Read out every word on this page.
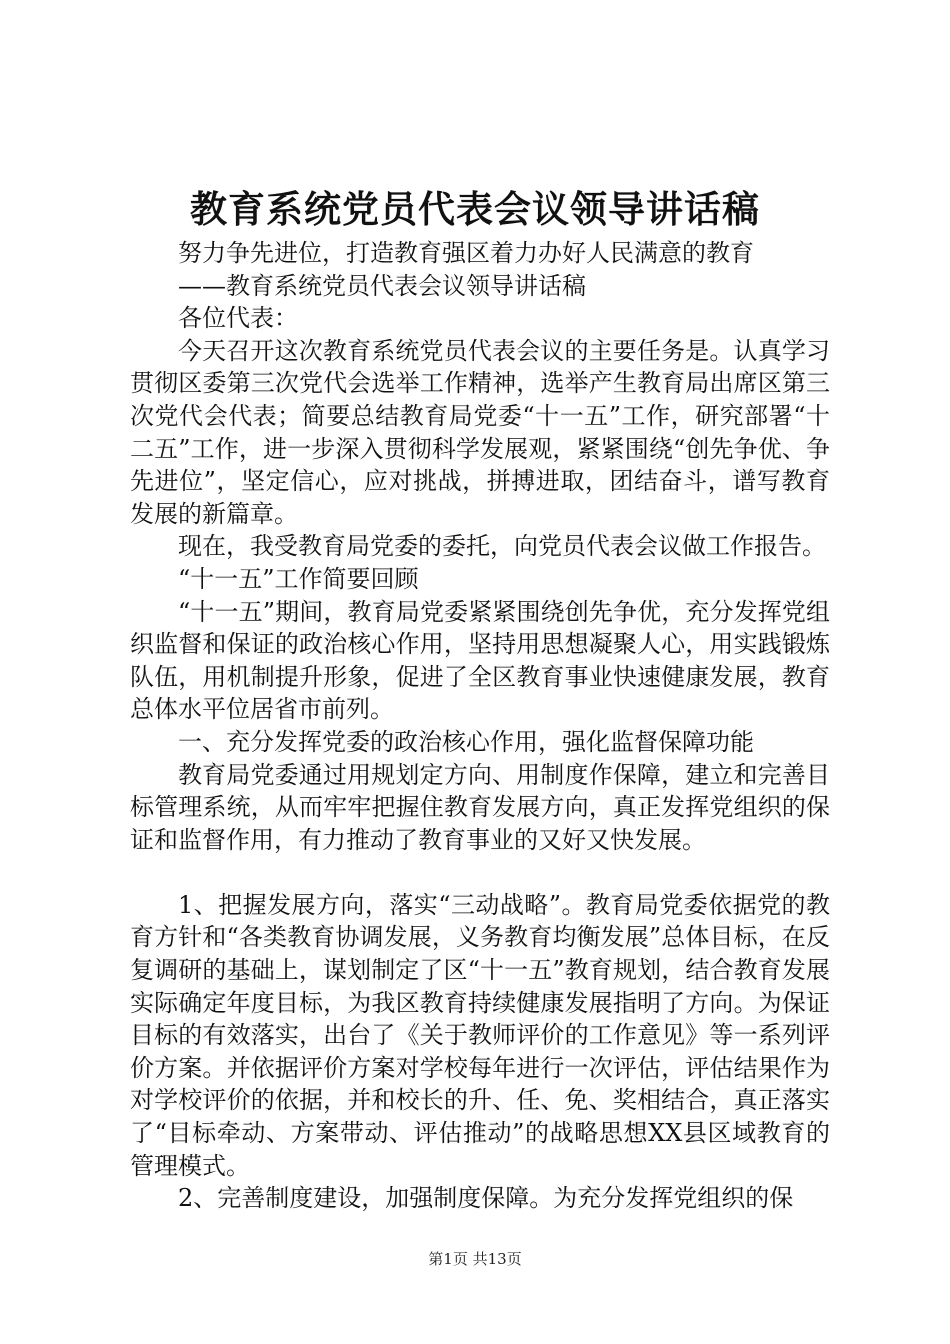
教育系统党员代表会议领导讲话稿

努力争先进位，打造教育强区着力办好人民满意的教育

——教育系统党员代表会议领导讲话稿

各位代表：

今天召开这次教育系统党员代表会议的主要任务是。认真学习贯彻区委第三次党代会选举工作精神，选举产生教育局出席区第三次党代会代表；简要总结教育局党委“十一五”工作，研究部署“十二五”工作，进一步深入贯彻科学发展观，紧紧围绕“创先争优、争先进位”，坚定信心，应对挑战，拼搏进取，团结奋斗，谱写教育发展的新篇章。

现在，我受教育局党委的委托，向党员代表会议做工作报告。

“十一五”工作简要回顾

“十一五”期间，教育局党委紧紧围绕创先争优，充分发挥党组织监督和保证的政治核心作用，坚持用思想凝聚人心，用实践锻炼队伍，用机制提升形象，促进了全区教育事业快速健康发展，教育总体水平位居省市前列。

一、充分发挥党委的政治核心作用，强化监督保障功能

教育局党委通过用规划定方向、用制度作保障，建立和完善目标管理系统，从而牢牢把握住教育发展方向，真正发挥党组织的保证和监督作用，有力推动了教育事业的又好又快发展。

1、把握发展方向，落实“三动战略”。教育局党委依据党的教育方针和“各类教育协调发展，义务教育均衡发展”总体目标，在反复调研的基础上，谋划制定了区“十一五”教育规划，结合教育发展实际确定年度目标，为我区教育持续健康发展指明了方向。为保证目标的有效落实，出台了《关于教师评价的工作意见》等一系列评价方案。并依据评价方案对学校每年进行一次评估，评估结果作为对学校评价的依据，并和校长的升、任、免、奖相结合，真正落实了“目标牵动、方案带动、评估推动”的战略思想XX县区域教育的管理模式。

2、完善制度建设，加强制度保障。为充分发挥党组织的保

第1页 共13页
